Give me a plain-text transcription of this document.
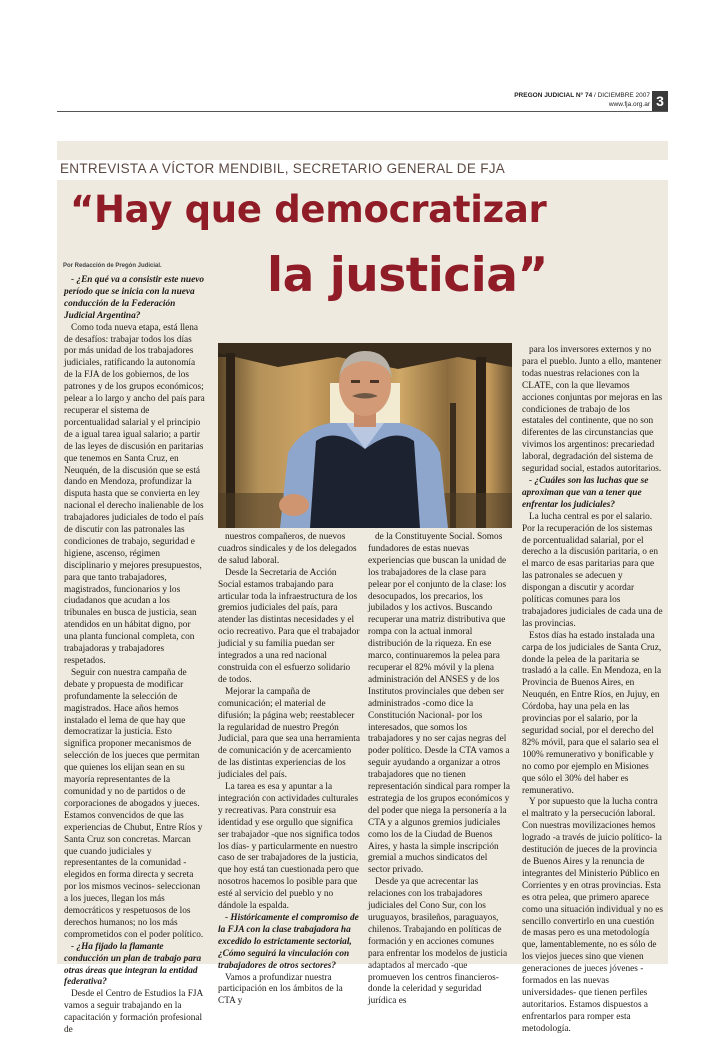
PREGON JUDICIAL N° 74 / DICIEMBRE 2007
www.fja.org.ar 3
ENTREVISTA A VÍCTOR MENDIBIL, SECRETARIO GENERAL DE FJA
“Hay que democratizar
la justicia”
Por Redacción de Pregón Judicial.

- ¿En qué va a consistir este nuevo período que se inicia con la nueva conducción de la Federación Judicial Argentina?

Como toda nueva etapa, está llena de desafíos: trabajar todos los días por más unidad de los trabajadores judiciales, ratificando la autonomía de la FJA de los gobiernos, de los patrones y de los grupos económicos; pelear a lo largo y ancho del país para recuperar el sistema de porcentualidad salarial y el principio de a igual tarea igual salario; a partir de las leyes de discusión en paritarias que tenemos en Santa Cruz, en Neuquén, de la discusión que se está dando en Mendoza, profundizar la disputa hasta que se convierta en ley nacional el derecho inalienable de los trabajadores judiciales de todo el país de discutir con las patronales las condiciones de trabajo, seguridad e higiene, ascenso, régimen disciplinario y mejores presupuestos, para que tanto trabajadores, magistrados, funcionarios y los ciudadanos que acudan a los tribunales en busca de justicia, sean atendidos en un hábitat digno, por una planta funcional completa, con trabajadoras y trabajadores respetados.

Seguir con nuestra campaña de debate y propuesta de modificar profundamente la selección de magistrados. Hace años hemos instalado el lema de que hay que democratizar la justicia. Esto significa proponer mecanismos de selección de los jueces que permitan que quienes los elijan sean en su mayoría representantes de la comunidad y no de partidos o de corporaciones de abogados y jueces. Estamos convencidos de que las experiencias de Chubut, Entre Ríos y Santa Cruz son concretas. Marcan que cuando judiciales y representantes de la comunidad -elegidos en forma directa y secreta por los mismos vecinos- seleccionan a los jueces, llegan los más democráticos y respetuosos de los derechos humanos; no los más comprometidos con el poder político.

- ¿Ha fijado la flamante conducción un plan de trabajo para otras áreas que integran la entidad federativa?

Desde el Centro de Estudios la FJA vamos a seguir trabajando en la capacitación y formación profesional de

nuestros compañeros, de nuevos cuadros sindicales y de los delegados de salud laboral.

Desde la Secretaria de Acción Social estamos trabajando para articular toda la infraestructura de los gremios judiciales del país, para atender las distintas necesidades y el ocio recreativo. Para que el trabajador judicial y su familia puedan ser integrados a una red nacional construida con el esfuerzo solidario de todos.

Mejorar la campaña de comunicación; el material de difusión; la página web; reestablecer la regularidad de nuestro Pregón Judicial, para que sea una herramienta de comunicación y de acercamiento de las distintas experiencias de los judiciales del país.

La tarea es esa y apuntar a la integración con actividades culturales y recreativas. Para construir esa identidad y ese orgullo que significa ser trabajador -que nos significa todos los días- y particularmente en nuestro caso de ser trabajadores de la justicia, que hoy está tan cuestionada pero que nosotros hacemos lo posible para que esté al servicio del pueblo y no dándole la espalda.

- Históricamente el compromiso de la FJA con la clase trabajadora ha excedido lo estrictamente sectorial, ¿Cómo seguirá la vinculación con trabajadores de otros sectores?

Vamos a profundizar nuestra participación en los ámbitos de la CTA y

de la Constituyente Social. Somos fundadores de estas nuevas experiencias que buscan la unidad de los trabajadores de la clase para pelear por el conjunto de la clase: los desocupados, los precarios, los jubilados y los activos. Buscando recuperar una matriz distributiva que rompa con la actual inmoral distribución de la riqueza. En ese marco, continuaremos la pelea para recuperar el 82% móvil y la plena administración del ANSES y de los Institutos provinciales que deben ser administrados -como dice la Constitución Nacional- por los interesados, que somos los trabajadores y no ser cajas negras del poder político. Desde la CTA vamos a seguir ayudando a organizar a otros trabajadores que no tienen representación sindical para romper la estrategia de los grupos económicos y del poder que niega la personería a la CTA y a algunos gremios judiciales como los de la Ciudad de Buenos Aires, y hasta la simple inscripción gremial a muchos sindicatos del sector privado.

Desde ya que acrecentar las relaciones con los trabajadores judiciales del Cono Sur, con los uruguayos, brasileños, paraguayos, chilenos. Trabajando en políticas de formación y en acciones comunes para enfrentar los modelos de justicia adaptados al mercado -que promueven los centros financieros- donde la celeridad y seguridad jurídica es

para los inversores externos y no para el pueblo. Junto a ello, mantener todas nuestras relaciones con la CLATE, con la que llevamos acciones conjuntas por mejoras en las condiciones de trabajo de los estatales del continente, que no son diferentes de las circunstancias que vivimos los argentinos: precariedad laboral, degradación del sistema de seguridad social, estados autoritarios.

- ¿Cuáles son las luchas que se aproximan que van a tener que enfrentar los judiciales?

La lucha central es por el salario. Por la recuperación de los sistemas de porcentualidad salarial, por el derecho a la discusión paritaria, o en el marco de esas paritarias para que las patronales se adecuen y dispongan a discutir y acordar políticas comunes para los trabajadores judiciales de cada una de las provincias.

Estos días ha estado instalada una carpa de los judiciales de Santa Cruz, donde la pelea de la paritaria se trasladó a la calle. En Mendoza, en la Provincia de Buenos Aires, en Neuquén, en Entre Ríos, en Jujuy, en Córdoba, hay una pela en las provincias por el salario, por la seguridad social, por el derecho del 82% móvil, para que el salario sea el 100% remunerativo y bonificable y no como por ejemplo en Misiones que sólo el 30% del haber es remunerativo.

Y por supuesto que la lucha contra el maltrato y la persecución laboral. Con nuestras movilizaciones hemos logrado -a través de juicio político- la destitución de jueces de la provincia de Buenos Aires y la renuncia de integrantes del Ministerio Público en Corrientes y en otras provincias. Esta es otra pelea, que primero aparece como una situación individual y no es sencillo convertirlo en una cuestión de masas pero es una metodología que, lamentablemente, no es sólo de los viejos jueces sino que vienen generaciones de jueces jóvenes -formados en las nuevas universidades- que tienen perfiles autoritarios. Estamos dispuestos a enfrentarlos para romper esta metodología.
